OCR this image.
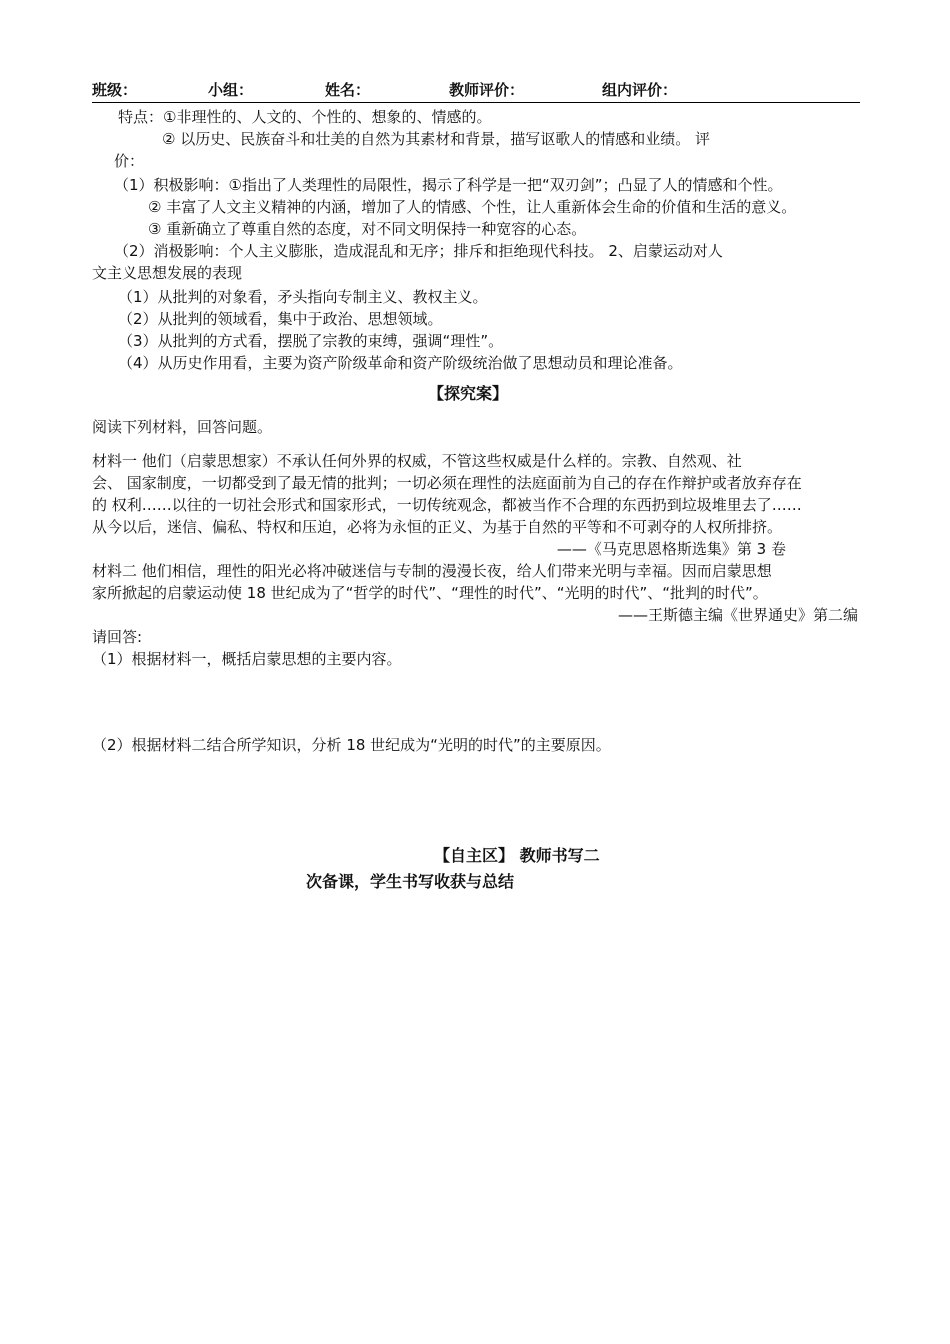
班级：	小组：	姓名：	教师评价：	组内评价：
特点：①非理性的、人文的、个性的、想象的、情感的。
② 以历史、民族奋斗和壮美的自然为其素材和背景，描写讴歌人的情感和业绩。 评
价：
（1）积极影响：①指出了人类理性的局限性，揭示了科学是一把“双刃剑”；凸显了人的情感和个性。
② 丰富了人文主义精神的内涵，增加了人的情感、个性，让人重新体会生命的价值和生活的意义。
③ 重新确立了尊重自然的态度，对不同文明保持一种宽容的心态。
（2）消极影响：个人主义膨胀，造成混乱和无序；排斥和拒绝现代科技。 2、启蒙运动对人
文主义思想发展的表现
（1）从批判的对象看，矛头指向专制主义、教权主义。
（2）从批判的领域看，集中于政治、思想领域。
（3）从批判的方式看，摆脱了宗教的束缚，强调“理性”。
（4）从历史作用看，主要为资产阶级革命和资产阶级统治做了思想动员和理论准备。
【探究案】
阅读下列材料，回答问题。
材料一 他们（启蒙思想家）不承认任何外界的权威，不管这些权威是什么样的。宗教、自然观、社
会、 国家制度，一切都受到了最无情的批判；一切必须在理性的法庭面前为自己的存在作辩护或者放弃存在
的 权利……以往的一切社会形式和国家形式，一切传统观念，都被当作不合理的东西扔到垃圾堆里去了……
从今以后，迷信、偏私、特权和压迫，必将为永恒的正义、为基于自然的平等和不可剥夺的人权所排挤。
——《马克思恩格斯选集》第 3 卷
材料二 他们相信，理性的阳光必将冲破迷信与专制的漫漫长夜，给人们带来光明与幸福。因而启蒙思想
家所掀起的启蒙运动使 18 世纪成为了“哲学的时代”、“理性的时代”、“光明的时代”、“批判的时代”。
——王斯德主编《世界通史》第二编
请回答:
（1）根据材料一，概括启蒙思想的主要内容。
（2）根据材料二结合所学知识，分析 18 世纪成为“光明的时代”的主要原因。
【自主区】 教师书写二
次备课，学生书写收获与总结
